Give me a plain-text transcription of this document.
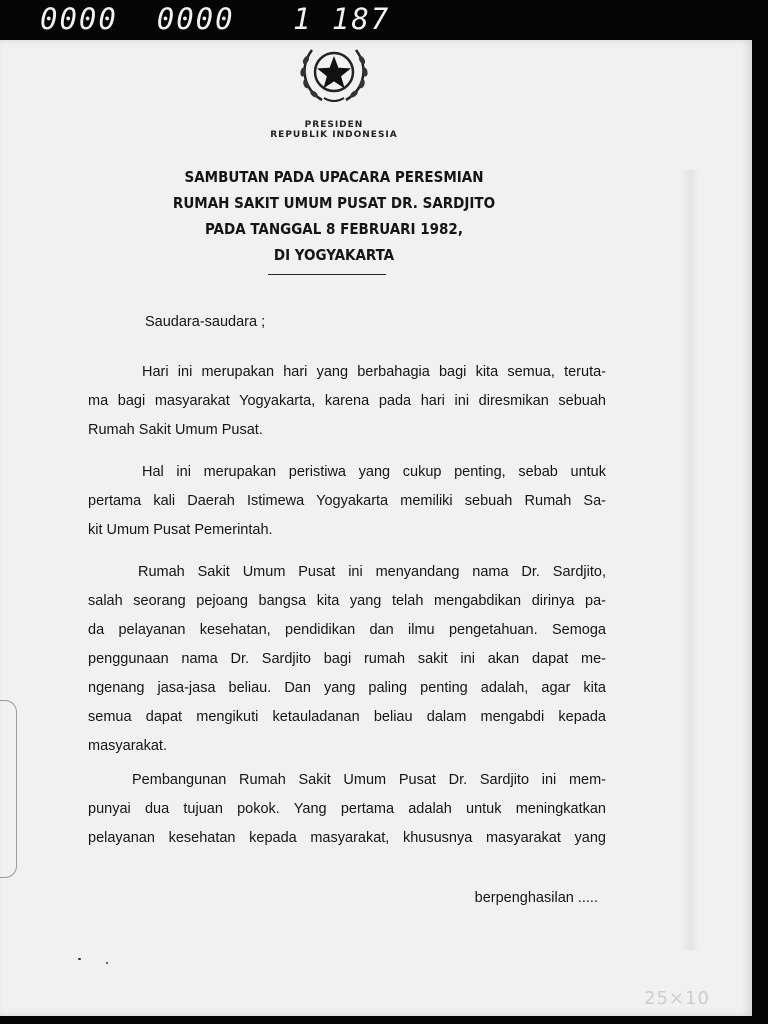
0000  0000   1 187
PRESIDEN
REPUBLIK INDONESIA
SAMBUTAN PADA UPACARA PERESMIAN
RUMAH SAKIT UMUM PUSAT DR. SARDJITO
PADA TANGGAL 8 FEBRUARI 1982,
DI YOGYAKARTA
Saudara-saudara ;
Hari ini merupakan hari yang berbahagia bagi kita semua, teruta-
ma bagi masyarakat Yogyakarta, karena pada hari ini diresmikan sebuah
Rumah Sakit Umum Pusat.
Hal ini merupakan peristiwa yang cukup penting, sebab untuk
pertama kali Daerah Istimewa Yogyakarta memiliki sebuah Rumah Sa-
kit Umum Pusat Pemerintah.
Rumah Sakit Umum Pusat ini menyandang nama Dr. Sardjito,
salah seorang pejoang bangsa kita yang telah mengabdikan dirinya pa-
da pelayanan kesehatan, pendidikan dan ilmu pengetahuan. Semoga
penggunaan nama Dr. Sardjito bagi rumah sakit ini akan dapat me-
ngenang jasa-jasa beliau. Dan yang paling penting adalah, agar kita
semua dapat mengikuti ketauladanan beliau dalam mengabdi kepada
masyarakat.
Pembangunan Rumah Sakit Umum Pusat Dr. Sardjito ini mem-
punyai dua tujuan pokok. Yang pertama adalah untuk meningkatkan
pelayanan kesehatan kepada masyarakat, khususnya masyarakat yang
berpenghasilan .....
25×10
